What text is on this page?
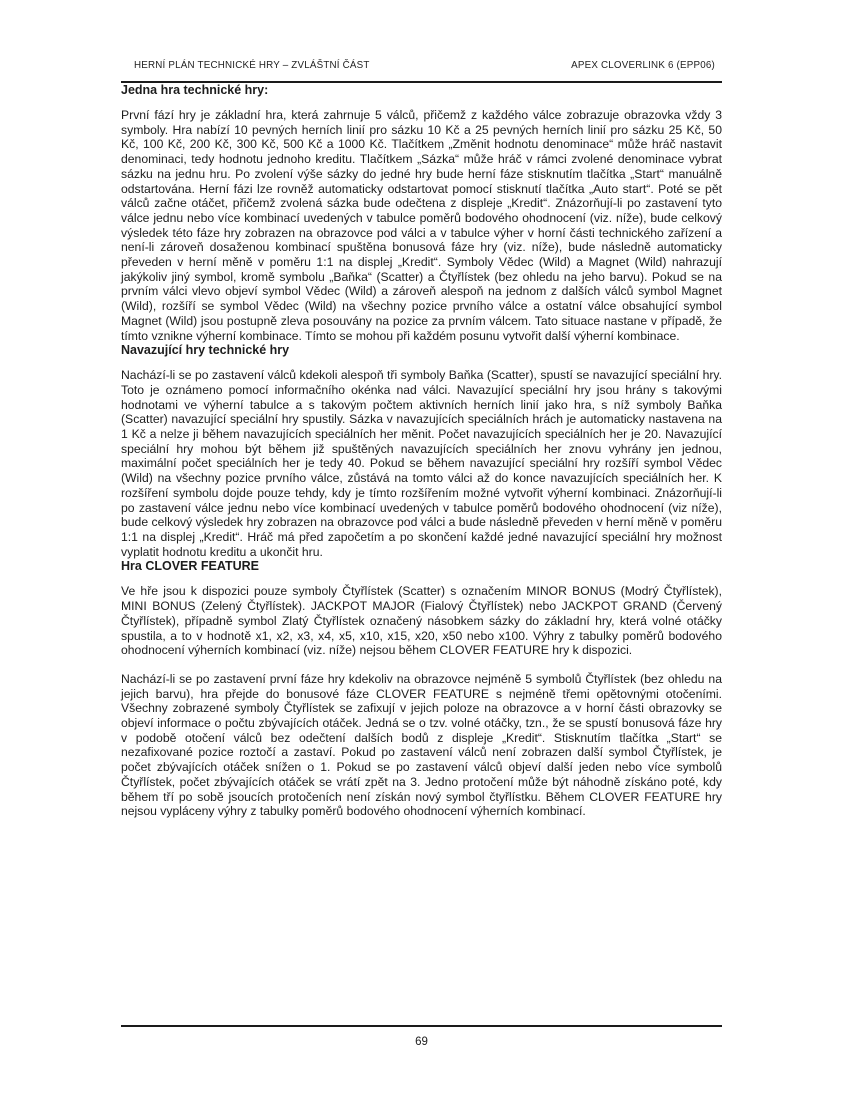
HERNÍ PLÁN TECHNICKÉ HRY – ZVLÁŠTNÍ ČÁST	APEX CLOVERLINK 6 (EPP06)
Jedna hra technické hry:

První fází hry je základní hra, která zahrnuje 5 válců, přičemž z každého válce zobrazuje obrazovka vždy 3 symboly. Hra nabízí 10 pevných herních linií pro sázku 10 Kč a 25 pevných herních linií pro sázku 25 Kč, 50 Kč, 100 Kč, 200 Kč, 300 Kč, 500 Kč a 1000 Kč. Tlačítkem „Změnit hodnotu denominace“ může hráč nastavit denominaci, tedy hodnotu jednoho kreditu. Tlačítkem „Sázka“ může hráč v rámci zvolené denominace vybrat sázku na jednu hru. Po zvolení výše sázky do jedné hry bude herní fáze stisknutím tlačítka „Start“ manuálně odstartována. Herní fázi lze rovněž automaticky odstartovat pomocí stisknutí tlačítka „Auto start“. Poté se pět válců začne otáčet, přičemž zvolená sázka bude odečtena z displeje „Kredit“. Znázorňují-li po zastavení tyto válce jednu nebo více kombinací uvedených v tabulce poměrů bodového ohodnocení (viz. níže), bude celkový výsledek této fáze hry zobrazen na obrazovce pod válci a v tabulce výher v horní části technického zařízení a není-li zároveň dosaženou kombinací spuštěna bonusová fáze hry (viz. níže), bude následně automaticky převeden v herní měně v poměru 1:1 na displej „Kredit“. Symboly Vědec (Wild) a Magnet (Wild) nahrazují jakýkoliv jiný symbol, kromě symbolu „Baňka“ (Scatter) a Čtyřlístek (bez ohledu na jeho barvu). Pokud se na prvním válci vlevo objeví symbol Vědec (Wild) a zároveň alespoň na jednom z dalších válců symbol Magnet (Wild), rozšíří se symbol Vědec (Wild) na všechny pozice prvního válce a ostatní válce obsahující symbol Magnet (Wild) jsou postupně zleva posouvány na pozice za prvním válcem. Tato situace nastane v případě, že tímto vznikne výherní kombinace. Tímto se mohou při každém posunu vytvořit další výherní kombinace.

Navazující hry technické hry

Nachází-li se po zastavení válců kdekoli alespoň tři symboly Baňka (Scatter), spustí se navazující speciální hry. Toto je oznámeno pomocí informačního okénka nad válci. Navazující speciální hry jsou hrány s takovými hodnotami ve výherní tabulce a s takovým počtem aktivních herních linií jako hra, s níž symboly Baňka (Scatter) navazující speciální hry spustily. Sázka v navazujících speciálních hrách je automaticky nastavena na 1 Kč a nelze ji během navazujících speciálních her měnit. Počet navazujících speciálních her je 20. Navazující speciální hry mohou být během již spuštěných navazujících speciálních her znovu vyhrány jen jednou, maximální počet speciálních her je tedy 40. Pokud se během navazující speciální hry rozšíří symbol Vědec (Wild) na všechny pozice prvního válce, zůstává na tomto válci až do konce navazujících speciálních her. K rozšíření symbolu dojde pouze tehdy, kdy je tímto rozšířením možné vytvořit výherní kombinaci. Znázorňují-li po zastavení válce jednu nebo více kombinací uvedených v tabulce poměrů bodového ohodnocení (viz níže), bude celkový výsledek hry zobrazen na obrazovce pod válci a bude následně převeden v herní měně v poměru 1:1 na displej „Kredit“. Hráč má před započetím a po skončení každé jedné navazující speciální hry možnost vyplatit hodnotu kreditu a ukončit hru.

Hra CLOVER FEATURE

Ve hře jsou k dispozici pouze symboly Čtyřlístek (Scatter) s označením MINOR BONUS (Modrý Čtyřlístek), MINI BONUS (Zelený Čtyřlístek). JACKPOT MAJOR (Fialový Čtyřlístek) nebo JACKPOT GRAND (Červený Čtyřlístek), případně symbol Zlatý Čtyřlístek označený násobkem sázky do základní hry, která volné otáčky spustila, a to v hodnotě x1, x2, x3, x4, x5, x10, x15, x20, x50 nebo x100. Výhry z tabulky poměrů bodového ohodnocení výherních kombinací (viz. níže) nejsou během CLOVER FEATURE hry k dispozici.

Nachází-li se po zastavení první fáze hry kdekoliv na obrazovce nejméně 5 symbolů Čtyřlístek (bez ohledu na jejich barvu), hra přejde do bonusové fáze CLOVER FEATURE s nejméně třemi opětovnými otočeními. Všechny zobrazené symboly Čtyřlístek se zafixují v jejich poloze na obrazovce a v horní části obrazovky se objeví informace o počtu zbývajících otáček. Jedná se o tzv. volné otáčky, tzn., že se spustí bonusová fáze hry v podobě otočení válců bez odečtení dalších bodů z displeje „Kredit“. Stisknutím tlačítka „Start“ se nezafixované pozice roztočí a zastaví. Pokud po zastavení válců není zobrazen další symbol Čtyřlístek, je počet zbývajících otáček snížen o 1. Pokud se po zastavení válců objeví další jeden nebo více symbolů Čtyřlístek, počet zbývajících otáček se vrátí zpět na 3. Jedno protočení může být náhodně získáno poté, kdy během tří po sobě jsoucích protočeních není získán nový symbol čtyřlístku. Během CLOVER FEATURE hry nejsou vypláceny výhry z tabulky poměrů bodového ohodnocení výherních kombinací.

69
